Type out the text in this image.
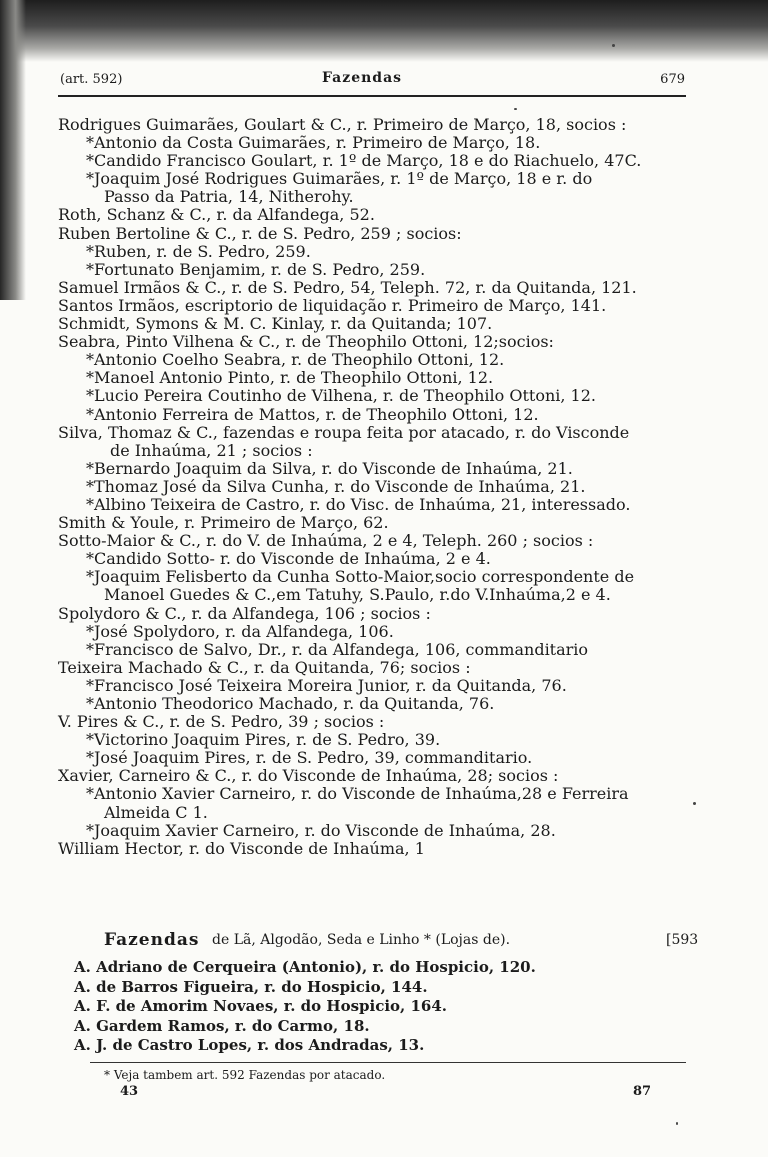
(art. 592)	Fazendas	679
Rodrigues Guimarães, Goulart & C., r. Primeiro de Março, 18, socios :
*Antonio da Costa Guimarães, r. Primeiro de Março, 18.
*Candido Francisco Goulart, r. 1º de Março, 18 e do Riachuelo, 47C.
*Joaquim José Rodrigues Guimarães, r. 1º de Março, 18 e r. do
Passo da Patria, 14, Nitherohy.
Roth, Schanz & C., r. da Alfandega, 52.
Ruben Bertoline & C., r. de S. Pedro, 259 ; socios:
*Ruben, r. de S. Pedro, 259.
*Fortunato Benjamim, r. de S. Pedro, 259.
Samuel Irmãos & C., r. de S. Pedro, 54, Teleph. 72, r. da Quitanda, 121.
Santos Irmãos, escriptorio de liquidação r. Primeiro de Março, 141.
Schmidt, Symons & M. C. Kinlay, r. da Quitanda; 107.
Seabra, Pinto Vilhena & C., r. de Theophilo Ottoni, 12;socios:
*Antonio Coelho Seabra, r. de Theophilo Ottoni, 12.
*Manoel Antonio Pinto, r. de Theophilo Ottoni, 12.
*Lucio Pereira Coutinho de Vilhena, r. de Theophilo Ottoni, 12.
*Antonio Ferreira de Mattos, r. de Theophilo Ottoni, 12.
Silva, Thomaz & C., fazendas e roupa feita por atacado, r. do Visconde
de Inhaúma, 21 ; socios :
*Bernardo Joaquim da Silva, r. do Visconde de Inhaúma, 21.
*Thomaz José da Silva Cunha, r. do Visconde de Inhaúma, 21.
*Albino Teixeira de Castro, r. do Visc. de Inhaúma, 21, interessado.
Smith & Youle, r. Primeiro de Março, 62.
Sotto-Maior & C., r. do V. de Inhaúma, 2 e 4, Teleph. 260 ; socios :
*Candido Sotto- r. do Visconde de Inhaúma, 2 e 4.
*Joaquim Felisberto da Cunha Sotto-Maior,socio correspondente de
Manoel Guedes & C.,em Tatuhy, S.Paulo, r.do V.Inhaúma,2 e 4.
Spolydoro & C., r. da Alfandega, 106 ; socios :
*José Spolydoro, r. da Alfandega, 106.
*Francisco de Salvo, Dr., r. da Alfandega, 106, commanditario
Teixeira Machado & C., r. da Quitanda, 76; socios :
*Francisco José Teixeira Moreira Junior, r. da Quitanda, 76.
*Antonio Theodorico Machado, r. da Quitanda, 76.
V. Pires & C., r. de S. Pedro, 39 ; socios :
*Victorino Joaquim Pires, r. de S. Pedro, 39.
*José Joaquim Pires, r. de S. Pedro, 39, commanditario.
Xavier, Carneiro & C., r. do Visconde de Inhaúma, 28; socios :
*Antonio Xavier Carneiro, r. do Visconde de Inhaúma,28 e Ferreira
Almeida C 1.
*Joaquim Xavier Carneiro, r. do Visconde de Inhaúma, 28.
William Hector, r. do Visconde de Inhaúma, 1
Fazendas de Lã, Algodão, Seda e Linho * (Lojas de).	[593
A. Adriano de Cerqueira (Antonio), r. do Hospicio, 120.
A. de Barros Figueira, r. do Hospicio, 144.
A. F. de Amorim Novaes, r. do Hospicio, 164.
A. Gardem Ramos, r. do Carmo, 18.
A. J. de Castro Lopes, r. dos Andradas, 13.
* Veja tambem art. 592 Fazendas por atacado.
43	87
